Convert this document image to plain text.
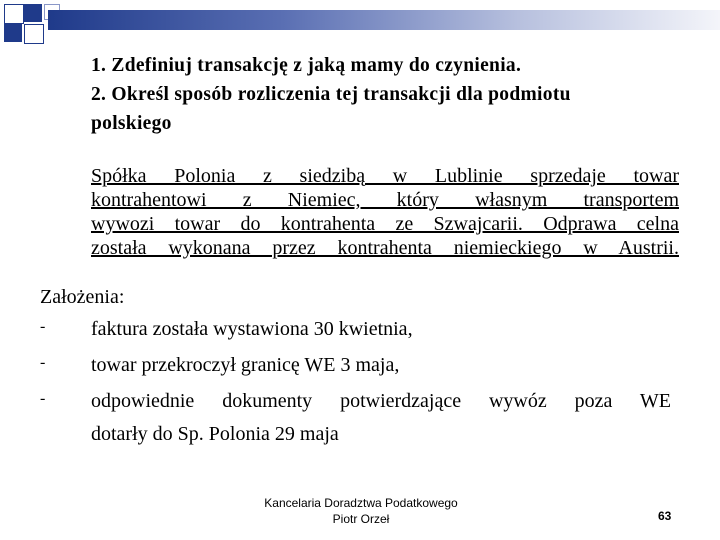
1. Zdefiniuj transakcję z jaką mamy do czynienia.
2. Określ sposób rozliczenia tej transakcji dla podmiotu
polskiego
Spółka Polonia z siedzibą w Lublinie sprzedaje towar
kontrahentowi z Niemiec, który własnym transportem
wywozi towar do kontrahenta ze Szwajcarii. Odprawa celna
została wykonana przez kontrahenta niemieckiego w Austrii.
Założenia:
- faktura została wystawiona 30 kwietnia,
- towar przekroczył granicę WE 3 maja,
- odpowiednie dokumenty potwierdzające wywóz poza WE
dotarły do Sp. Polonia 29 maja
Kancelaria Doradztwa Podatkowego
Piotr Orzeł	63
